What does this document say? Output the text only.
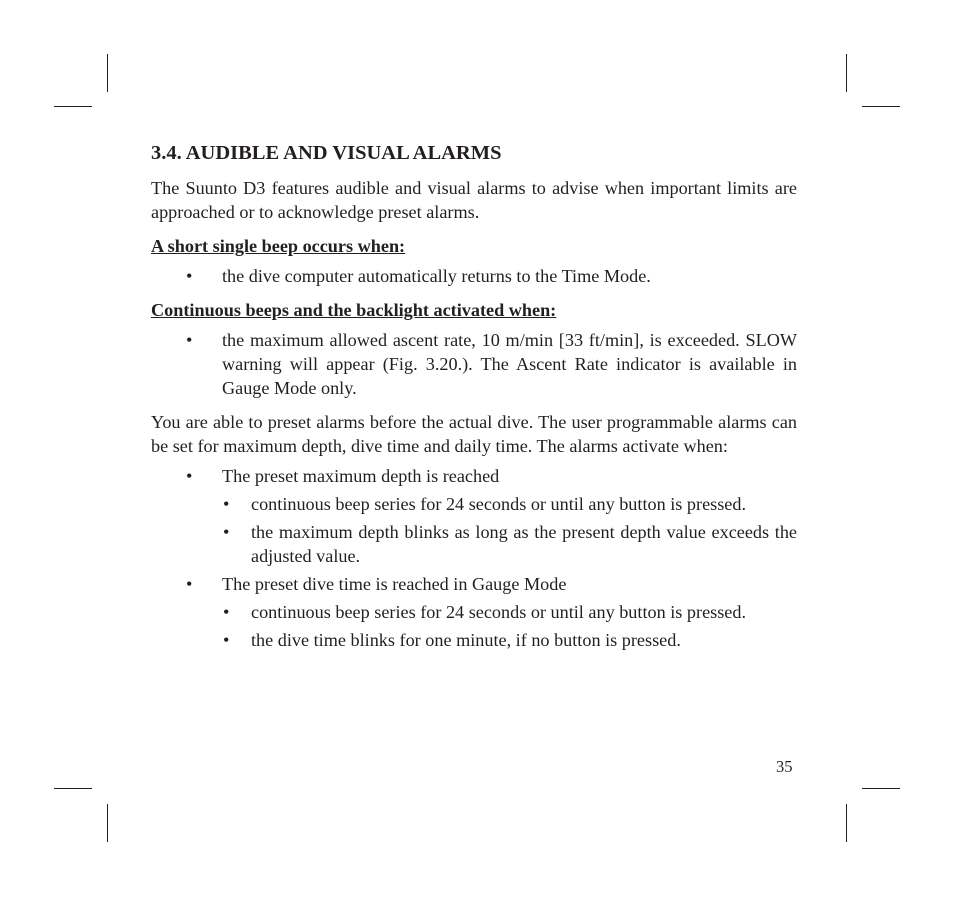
3.4. AUDIBLE AND VISUAL ALARMS

The Suunto D3 features audible and visual alarms to advise when important limits are approached or to acknowledge preset alarms.

A short single beep occurs when:
• the dive computer automatically returns to the Time Mode.
Continuous beeps and the backlight activated when:
• the maximum allowed ascent rate, 10 m/min [33 ft/min], is exceeded. SLOW warning will appear (Fig. 3.20.). The Ascent Rate indicator is available in Gauge Mode only.

You are able to preset alarms before the actual dive. The user programmable alarms can be set for maximum depth, dive time and daily time. The alarms activate when:

• The preset maximum depth is reached
• continuous beep series for 24 seconds or until any button is pressed.
• the maximum depth blinks as long as the present depth value exceeds the adjusted value.
• The preset dive time is reached in Gauge Mode
• continuous beep series for 24 seconds or until any button is pressed.
• the dive time blinks for one minute, if no button is pressed.
35
